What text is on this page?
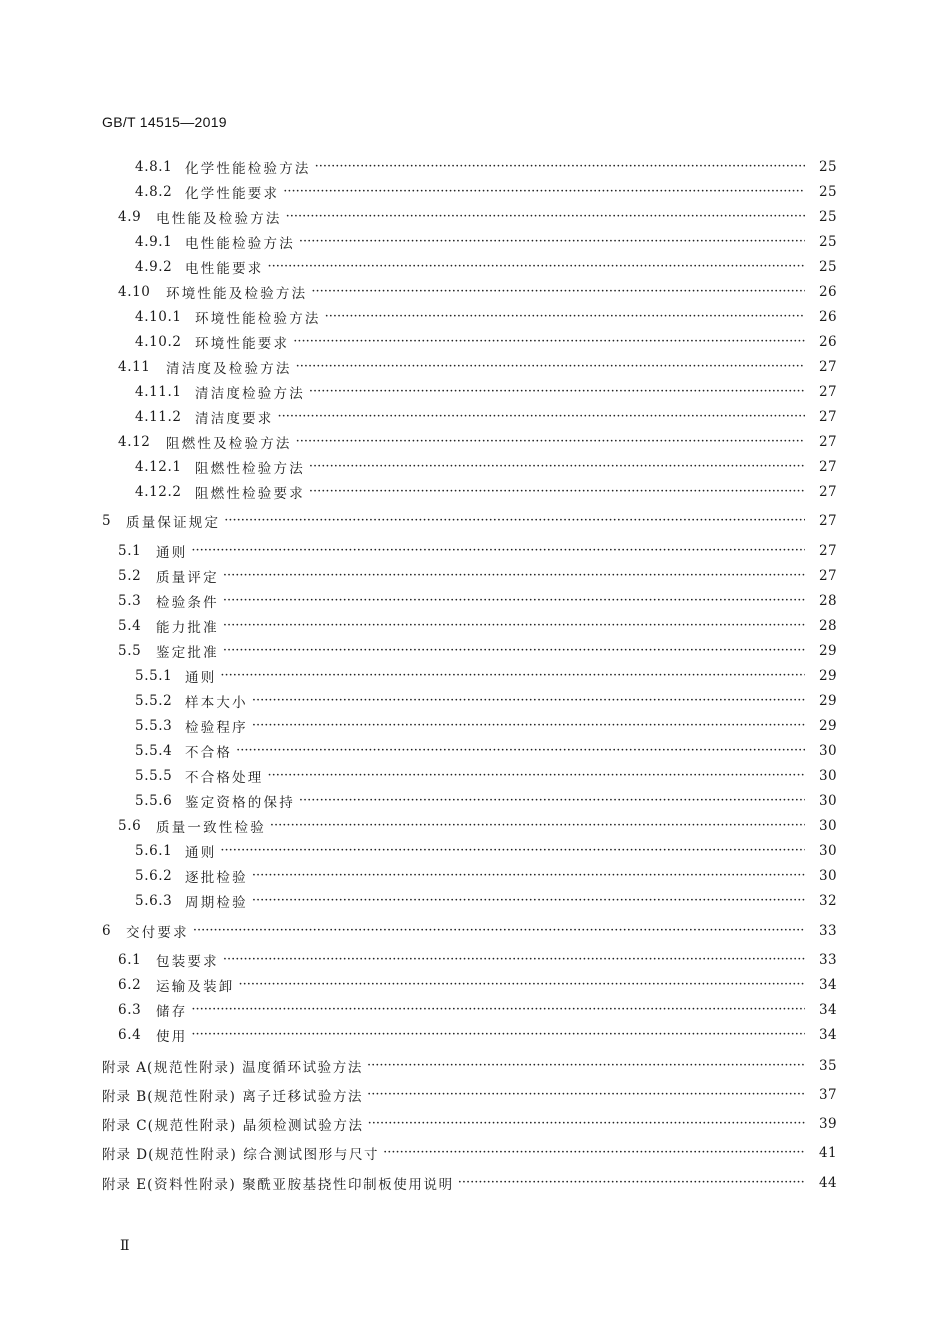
GB/T 14515—2019
4.8.1 化学性能检验方法 ·····	25
4.8.2 化学性能要求 ·····	25
4.9	电性能及检验方法 ·····	25
4.9.1 电性能检验方法 ·····	25
4.9.2 电性能要求 ·····	25
4.10	环境性能及检验方法 ·····	26
4.10.1 环境性能检验方法 ·····	26
4.10.2 环境性能要求 ·····	26
4.11	清洁度及检验方法 ·····	27
4.11.1 清洁度检验方法 ·····	27
4.11.2 清洁度要求 ·····	27
4.12	阻燃性及检验方法 ·····	27
4.12.1 阻燃性检验方法 ·····	27
4.12.2 阻燃性检验要求 ·····	27
5	质量保证规定 ·····	27
5.1	通则 ·····	27
5.2	质量评定 ·····	27
5.3	检验条件 ·····	28
5.4	能力批准 ·····	28
5.5	鉴定批准 ·····	29
5.5.1 通则 ·····	29
5.5.2 样本大小 ·····	29
5.5.3 检验程序 ·····	29
5.5.4 不合格 ·····	30
5.5.5 不合格处理 ·····	30
5.5.6 鉴定资格的保持 ·····	30
5.6	质量一致性检验 ·····	30
5.6.1 通则 ·····	30
5.6.2 逐批检验 ·····	30
5.6.3 周期检验 ·····	32
6	交付要求 ·····	33
6.1	包装要求 ·····	33
6.2	运输及装卸 ·····	34
6.3	储存 ·····	34
6.4	使用 ·····	34
附录 A (规范性附录) 温度循环试验方法 ·····	35
附录 B (规范性附录) 离子迁移试验方法 ·····	37
附录 C (规范性附录) 晶须检测试验方法 ·····	39
附录 D (规范性附录) 综合测试图形与尺寸 ·····	41
附录 E (资料性附录) 聚酰亚胺基挠性印制板使用说明 ·····	44
Ⅱ
